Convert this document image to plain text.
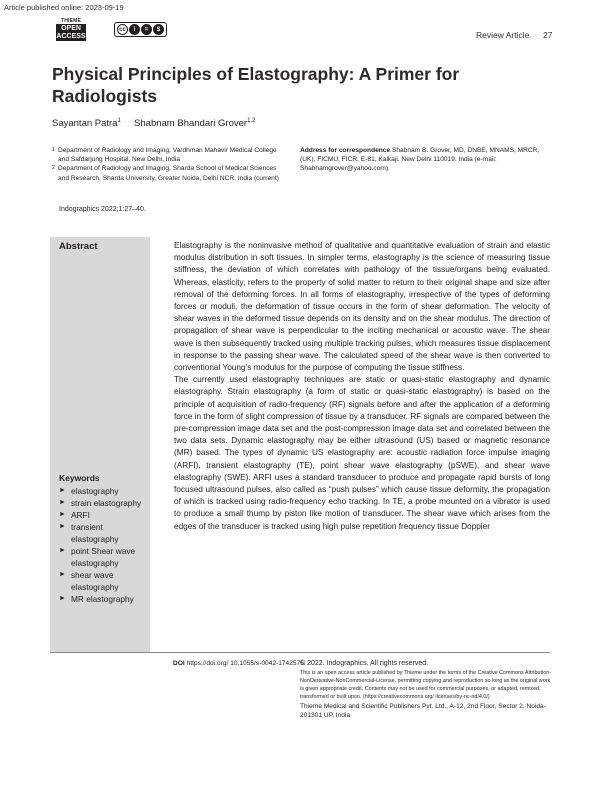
Article published online: 2023-09-19
THIEME
OPEN
ACCESS
cc	i	=	$
Review Article 27
Physical Principles of Elastography: A Primer for Radiologists
Sayantan Patra$^1$ Shabnam Bhandari Grover$^{1,2}$
1 Department of Radiology and Imaging, Vardhman Mahavir Medical College and Safdarjung Hospital, New Delhi, India
2 Department of Radiology and Imaging, Sharda School of Medical Sciences and Research, Sharda University, Greater Noida, Delhi NCR, India (current)
Address for correspondence Shabnam B. Grover, MD, DNBE, MNAMS, MRCR, (UK), FICMU, FICR, E-81, Kalkaji, New Delhi 110019, India (e-mail: Shabnamgrover@yahoo.com).
Indographics 2022;1:27–40.
Abstract
Keywords
► elastography
► strain elastography
► ARFI
► transient elastography
► point Shear wave elastography
► shear wave elastography
► MR elastography

Elastography is the noninvasive method of qualitative and quantitative evaluation of strain and elastic modulus distribution in soft tissues. In simpler terms, elastography is the science of measuring tissue stiffness, the deviation of which correlates with pathology of the tissue/organs being evaluated. Whereas, elasticity, refers to the property of solid matter to return to their original shape and size after removal of the deforming forces. In all forms of elastography, irrespective of the types of deforming forces or moduli, the deformation of tissue occurs in the form of shear deformation. The velocity of shear waves in the deformed tissue depends on its density and on the shear modulus. The direction of propagation of shear wave is perpendicular to the inciting mechanical or acoustic wave. The shear wave is then subsequently tracked using multiple tracking pulses, which measures tissue displacement in response to the passing shear wave. The calculated speed of the shear wave is then converted to conventional Young’s modulus for the purpose of computing the tissue stiffness.

The currently used elastography techniques are static or quasi-static elastography and dynamic elastography. Strain elastography (a form of static or quasi-static elastography) is based on the principle of acquisition of radio-frequency (RF) signals before and after the application of a deforming force in the form of slight compression of tissue by a transducer. RF signals are compared between the pre-compression image data set and the post-compression image data set and correlated between the two data sets. Dynamic elastography may be either ultrasound (US) based or magnetic resonance (MR) based. The types of dynamic US elastography are: acoustic radiation force impulse imaging (ARFI), transient elastography (TE), point shear wave elastography (pSWE), and shear wave elastography (SWE). ARFI uses a standard transducer to produce and propagate rapid bursts of long focused ultrasound pulses, also called as “push pulses” which cause tissue deformity, the propagation of which is tracked using radio-frequency echo tracking. In TE, a probe mounted on a vibrator is used to produce a small thump by piston like motion of transducer. The shear wave which arises from the edges of the transducer is tracked using high pulse repetition frequency tissue Doppler

DOI https://doi.org/ 10.1055/s-0042-1742575.
© 2022. Indographics. All rights reserved.
This is an open access article published by Thieme under the terms of the Creative Commons Attribution-NonDerivative-NonCommercial-License, permitting copying and reproduction so long as the original work is given appropriate credit. Contents may not be used for commercial purposes, or adapted, remixed, transformed or built upon. (https://creativecommons.org/ licenses/by-nc-nd/4.0/)
Thieme Medical and Scientific Publishers Pvt. Ltd., A-12, 2nd Floor, Sector 2, Noida-201301 UP, India
